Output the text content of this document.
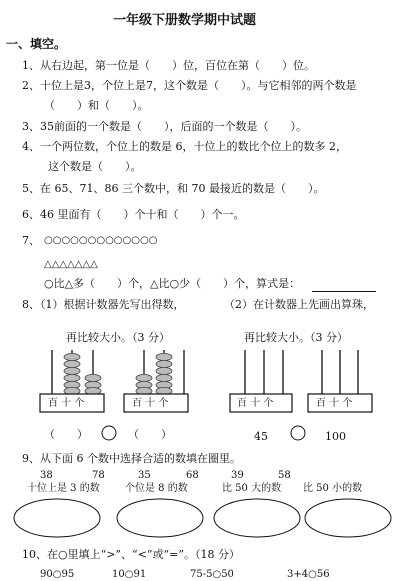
一年级下册数学期中试题
一、填空。
1、从右边起，第一位是（　　）位，百位在第（　　）位。
2、十位上是3，个位上是7，这个数是（　　）。与它相邻的两个数是
（　　）和（　　）。
3、35前面的一个数是（　　），后面的一个数是（　　）。
4、一个两位数，个位上的数是 6，十位上的数比个位上的数多 2，
这个数是（　　）。
5、在 65、71、86 三个数中，和 70 最接近的数是（　　）。
6、46 里面有（　　）个十和（　　）个一。
7、 ○○○○○○○○○○○○○
△△△△△△△
○比△多（　　）个，△比○少（　　）个，算式是：
8、（1）根据计数器先写出得数，	（2）在计数器上先画出算珠，
再比较大小。（3 分）	再比较大小。（3 分）
百 十 个	百 十 个	百 十 个	百 十 个
（　　）	（　　）	45	100
9、从下面 6 个数中选择合适的数填在圈里。
38	78	35	68	39	58
十位上是 3 的数	个位是 8 的数	比 50 大的数 比 50 小的数
10、在○里填上“>”、“<”或“=”。（18 分）
90○95	10○91	75-5○50	3+4○56
